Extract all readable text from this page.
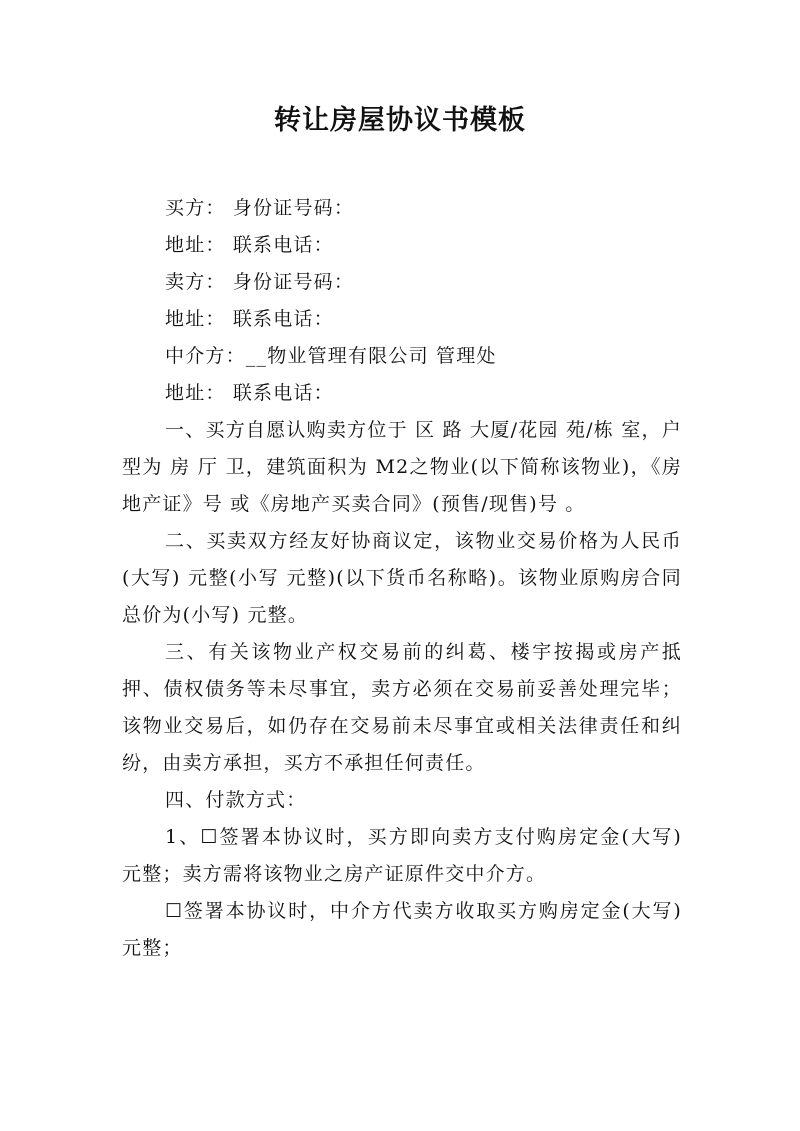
转让房屋协议书模板

买方： 身份证号码：

地址： 联系电话：

卖方： 身份证号码：

地址： 联系电话：

中介方：__物业管理有限公司 管理处

地址： 联系电话：

一、买方自愿认购卖方位于 区 路 大厦/花园 苑/栋 室，户型为 房 厅 卫，建筑面积为 M2之物业(以下简称该物业)，《房地产证》号 或《房地产买卖合同》(预售/现售)号 。

二、买卖双方经友好协商议定，该物业交易价格为人民币(大写) 元整(小写 元整)(以下货币名称略)。该物业原购房合同总价为(小写) 元整。

三、有关该物业产权交易前的纠葛、楼宇按揭或房产抵押、债权债务等未尽事宜，卖方必须在交易前妥善处理完毕；该物业交易后，如仍存在交易前未尽事宜或相关法律责任和纠纷，由卖方承担，买方不承担任何责任。

四、付款方式：

1、☐签署本协议时，买方即向卖方支付购房定金(大写) 元整；卖方需将该物业之房产证原件交中介方。

☐签署本协议时，中介方代卖方收取买方购房定金(大写) 元整；
